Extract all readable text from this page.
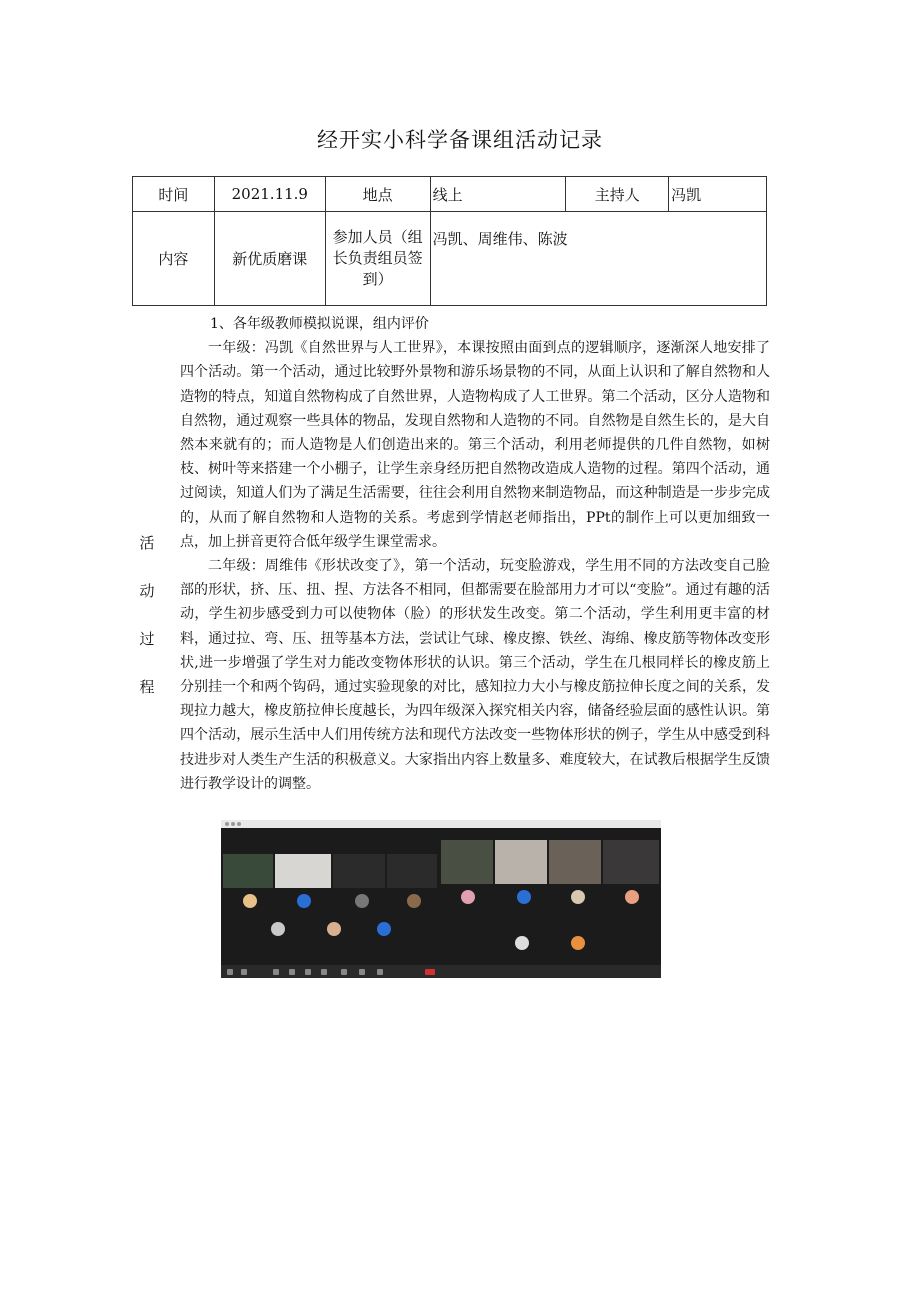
经开实小科学备课组活动记录
时间	2021.11.9	地点	线上	主持人	冯凯
内容	新优质磨课	参加人员（组长负责组员签到）	冯凯、周维伟、陈波		
活
动
过
程

1、各年级教师模拟说课，组内评价

一年级：冯凯《自然世界与人工世界》，本课按照由面到点的逻辑顺序，逐渐深人地安排了四个活动。第一个活动，通过比较野外景物和游乐场景物的不同，从面上认识和了解自然物和人造物的特点，知道自然物构成了自然世界，人造物构成了人工世界。第二个活动，区分人造物和自然物，通过观察一些具体的物品，发现自然物和人造物的不同。自然物是自然生长的，是大自然本来就有的；而人造物是人们创造出来的。第三个活动，利用老师提供的几件自然物，如树枝、树叶等来搭建一个小棚子，让学生亲身经历把自然物改造成人造物的过程。第四个活动，通过阅读，知道人们为了满足生活需要，往往会利用自然物来制造物品，而这种制造是一步步完成的，从而了解自然物和人造物的关系。考虑到学情赵老师指出，PPt的制作上可以更加细致一点，加上拼音更符合低年级学生课堂需求。

二年级：周维伟《形状改变了》，第一个活动，玩变脸游戏，学生用不同的方法改变自己脸部的形状，挤、压、扭、捏、方法各不相同，但都需要在脸部用力才可以“变脸”。通过有趣的活动，学生初步感受到力可以使物体（脸）的形状发生改变。第二个活动，学生利用更丰富的材料，通过拉、弯、压、扭等基本方法，尝试让气球、橡皮擦、铁丝、海绵、橡皮筋等物体改变形状,进一步增强了学生对力能改变物体形状的认识。第三个活动，学生在几根同样长的橡皮筋上分别挂一个和两个钩码，通过实验现象的对比，感知拉力大小与橡皮筋拉伸长度之间的关系，发现拉力越大，橡皮筋拉伸长度越长，为四年级深入探究相关内容，储备经验层面的感性认识。第四个活动，展示生活中人们用传统方法和现代方法改变一些物体形状的例子，学生从中感受到科技进步对人类生产生活的积极意义。大家指出内容上数量多、难度较大，在试教后根据学生反馈进行教学设计的调整。
